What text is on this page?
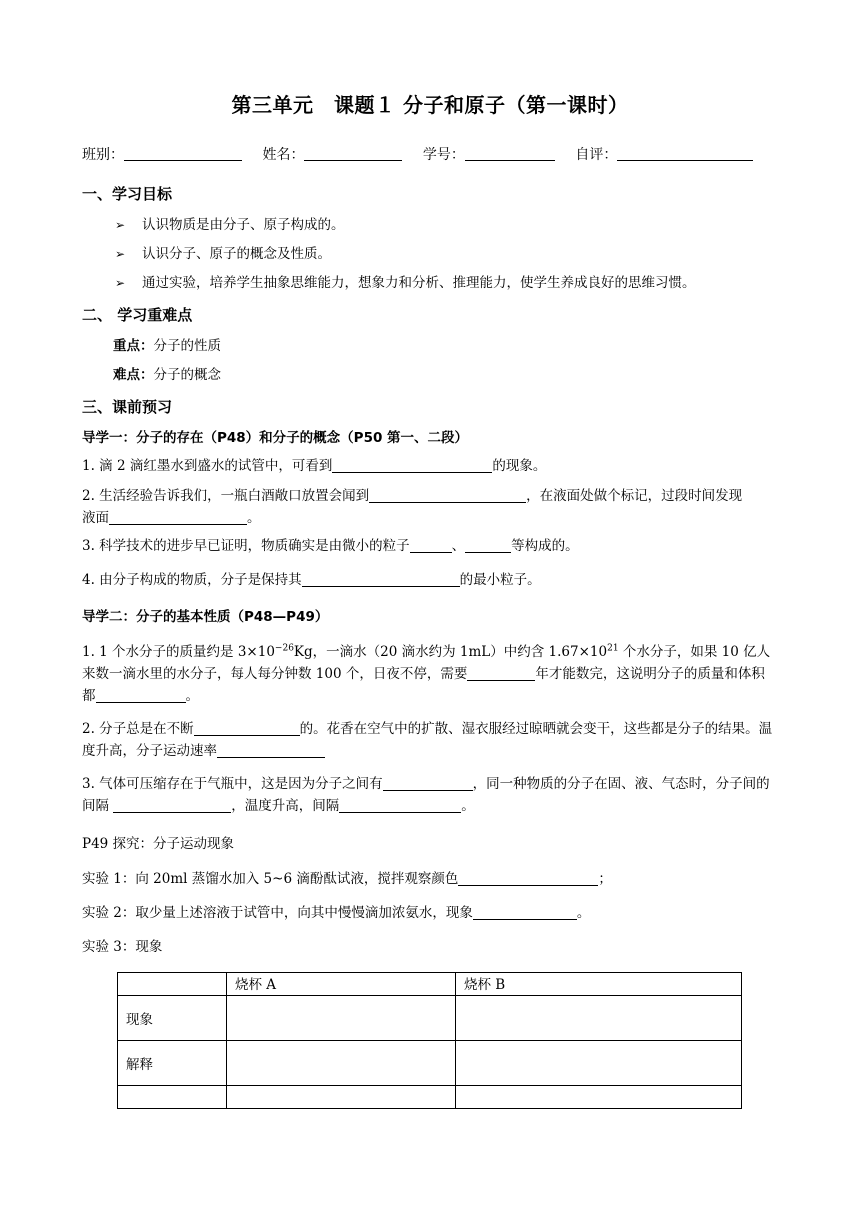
第三单元　课题１ 分子和原子（第一课时）
班别：	姓名：	学号：	自评：
一、学习目标
➢ 认识物质是由分子、原子构成的。
➢ 认识分子、原子的概念及性质。
➢ 通过实验，培养学生抽象思维能力，想象力和分析、推理能力，使学生养成良好的思维习惯。
二、 学习重难点
重点：分子的性质
难点：分子的概念
三、课前预习
导学一：分子的存在（P48）和分子的概念（P50 第一、二段）
1. 滴 2 滴红墨水到盛水的试管中，可看到	的现象。
2. 生活经验告诉我们，一瓶白酒敞口放置会闻到	，在液面处做个标记，过段时间发现
液面	。
3. 科学技术的进步早已证明，物质确实是由微小的粒子	、	等构成的。
4. 由分子构成的物质，分子是保持其	的最小粒子。
导学二：分子的基本性质（P48—P49）
1. 1 个水分子的质量约是 $3\times 10^{-26}Kg$，一滴水（20 滴水约为 1mL）中约含 $1.67\times 10^{21}$ 个水分子，如果 10 亿人来数一滴水里的水分子，每人每分钟数 100 个，日夜不停，需要	年才能数完，这说明分子的质量和体积都	。
2. 分子总是在不断	的。花香在空气中的扩散、湿衣服经过晾晒就会变干，这些都是分子的结果。温度升高，分子运动速率
3. 气体可压缩存在于气瓶中，这是因为分子之间有	，同一种物质的分子在固、液、气态时，分子间的间隔	，温度升高，间隔	。
P49 探究：分子运动现象
实验 1：向 20ml 蒸馏水加入 5~6 滴酚酞试液，搅拌观察颜色	；
实验 2：取少量上述溶液于试管中，向其中慢慢滴加浓氨水，现象	。
实验 3：现象
	烧杯 A	烧杯 B
现象		
解释		
